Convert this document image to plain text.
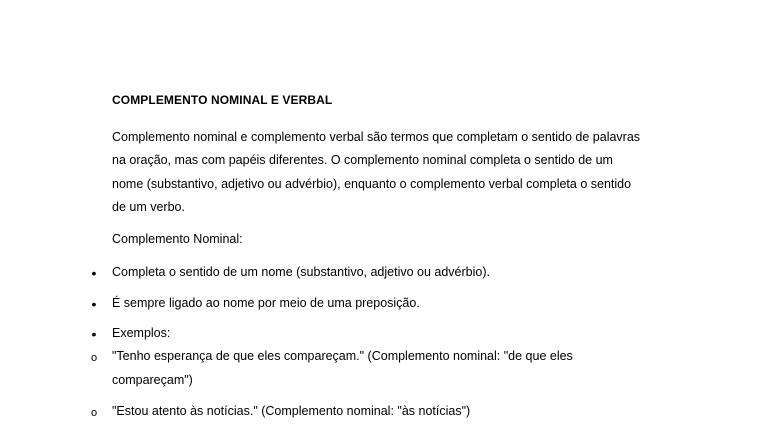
COMPLEMENTO NOMINAL E VERBAL
Complemento nominal e complemento verbal são termos que completam o sentido de palavras
na oração, mas com papéis diferentes. O complemento nominal completa o sentido de um
nome (substantivo, adjetivo ou advérbio), enquanto o complemento verbal completa o sentido
de um verbo.
Complemento Nominal:
• Completa o sentido de um nome (substantivo, adjetivo ou advérbio).
• É sempre ligado ao nome por meio de uma preposição.
• Exemplos:
o "Tenho esperança de que eles compareçam." (Complemento nominal: "de que eles
compareçam")
o "Estou atento às notícias." (Complemento nominal: "às notícias")
